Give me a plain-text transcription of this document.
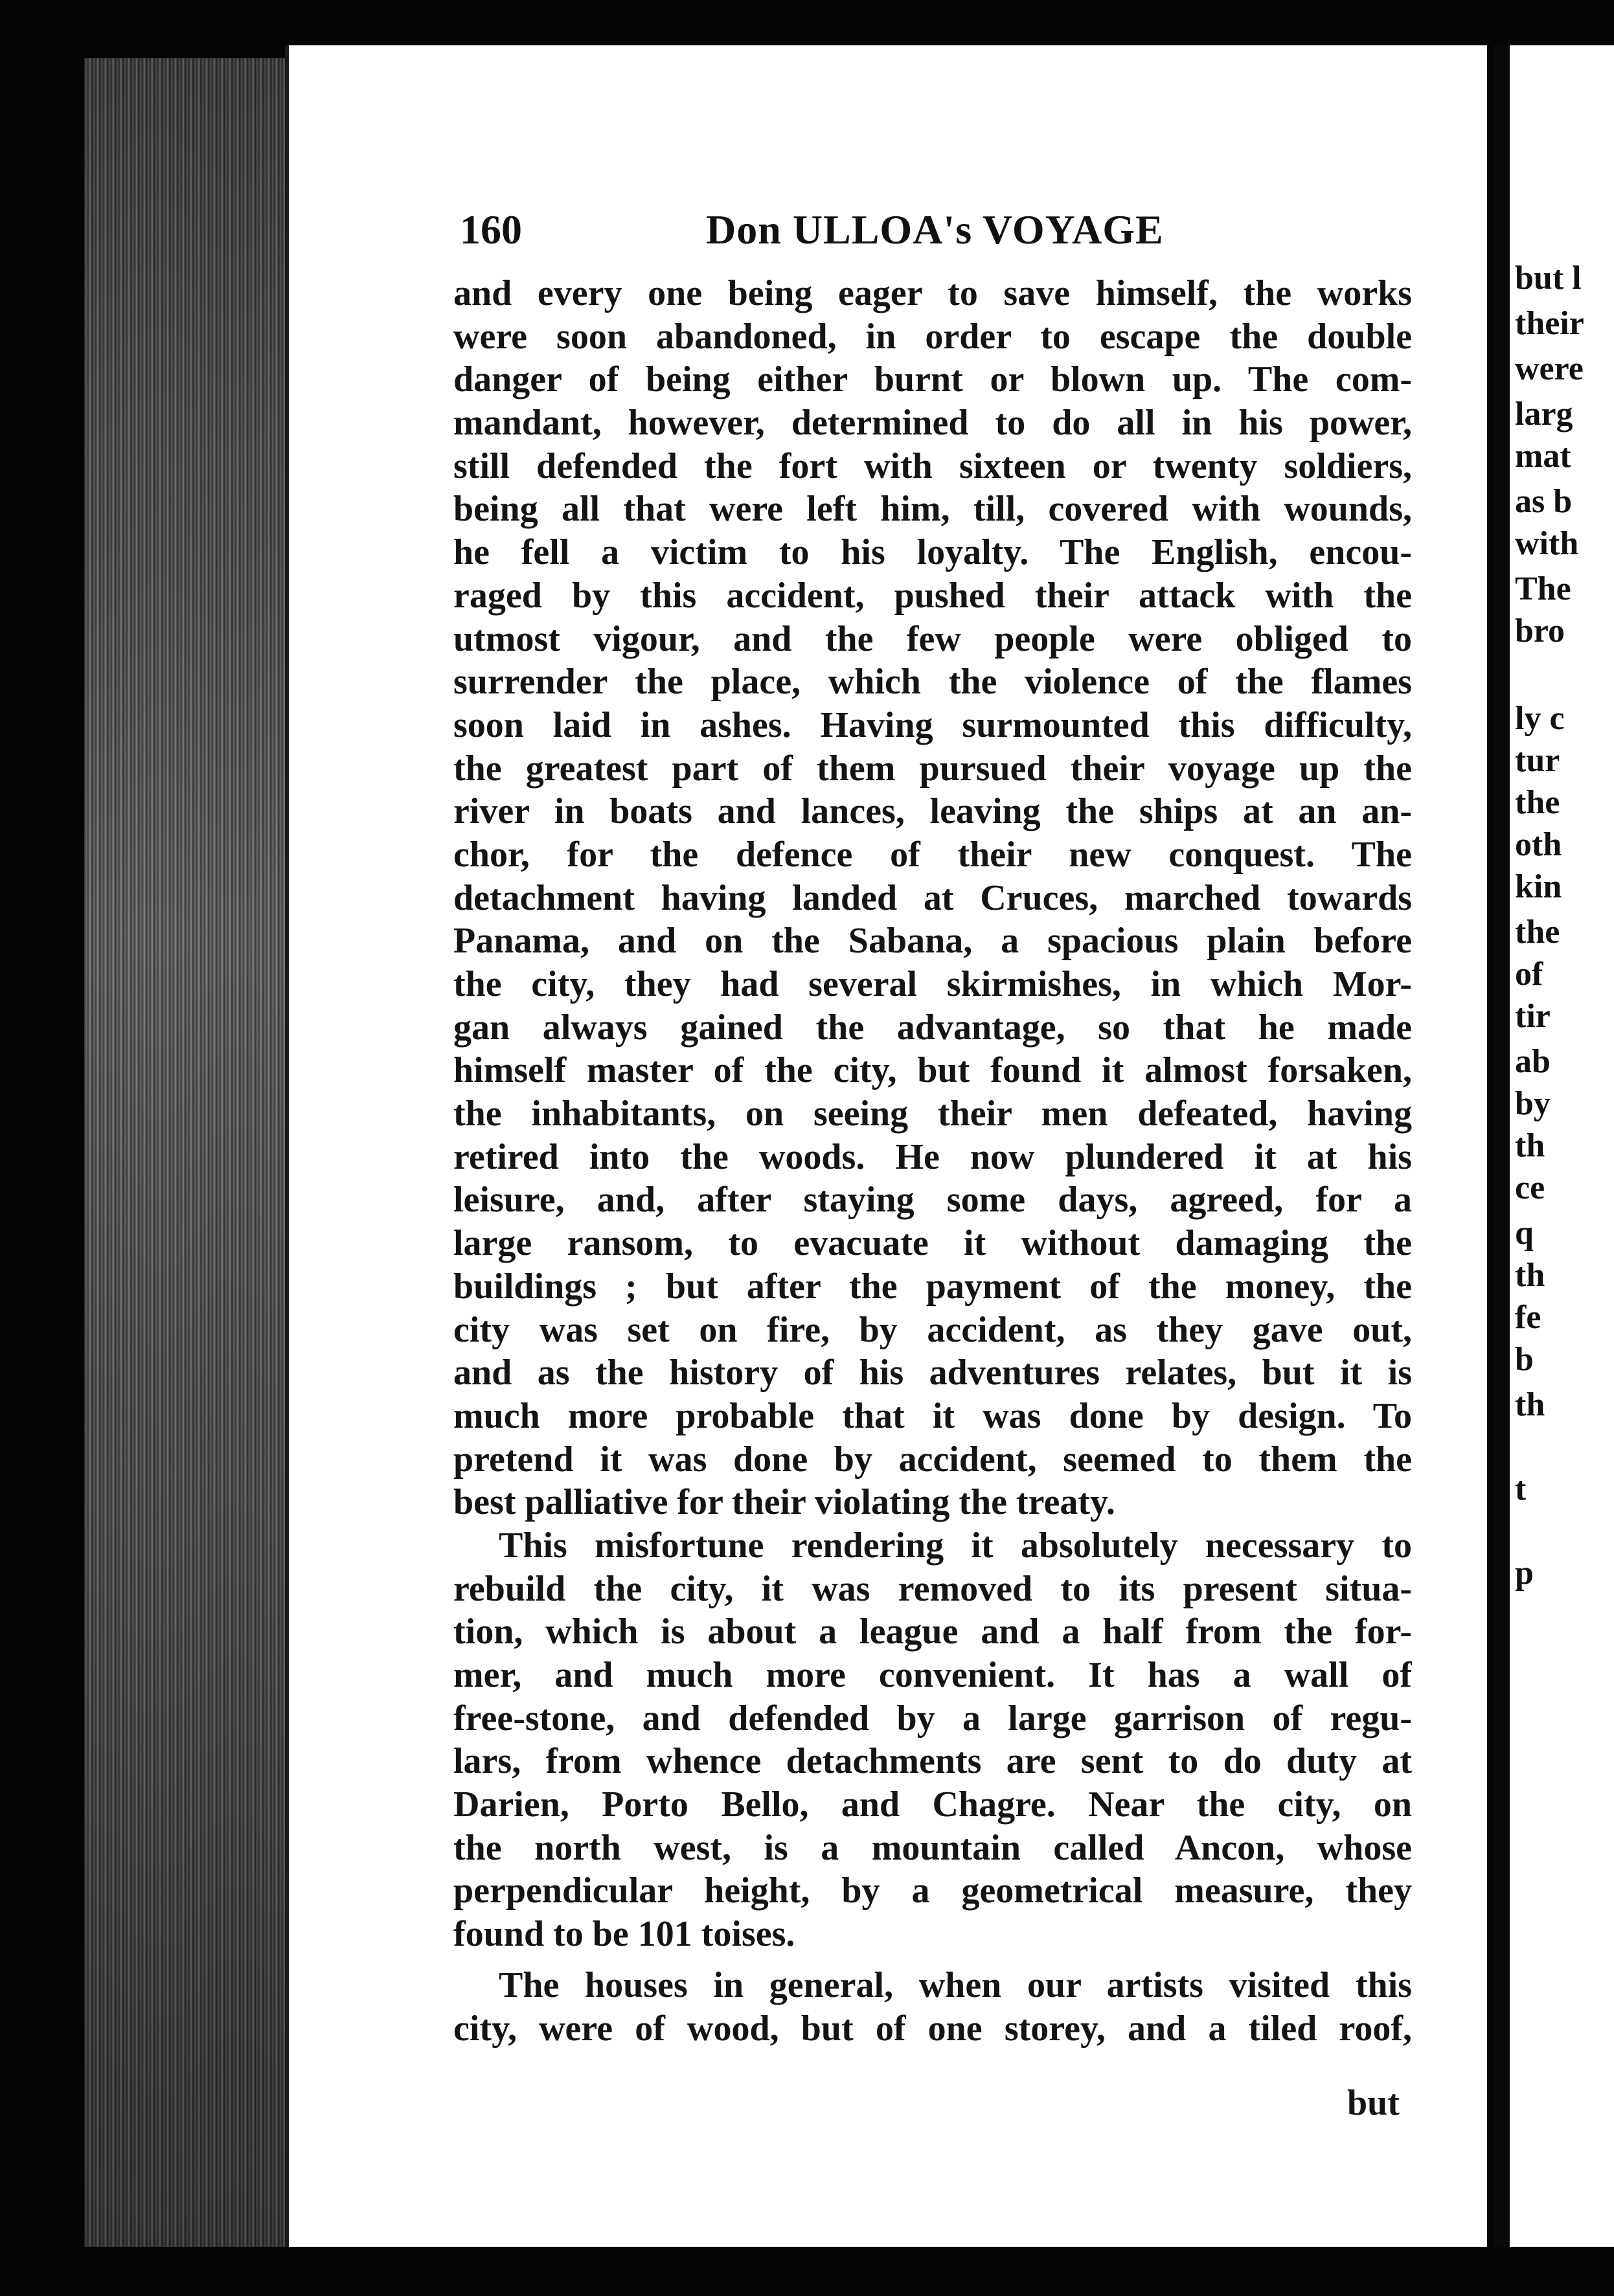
but l
their
were
larg
mat
as b
with
The
bro
ly c
tur
the
oth
kin
the
of
tir
ab
by
th
ce
q
th
fe
b
th
t
p
160	Don ULLOA's VOYAGE
and every one being eager to save himself, the works
were soon abandoned, in order to escape the double
danger of being either burnt or blown up. The com-
mandant, however, determined to do all in his power,
still defended the fort with sixteen or twenty soldiers,
being all that were left him, till, covered with wounds,
he fell a victim to his loyalty. The English, encou-
raged by this accident, pushed their attack with the
utmost vigour, and the few people were obliged to
surrender the place, which the violence of the flames
soon laid in ashes. Having surmounted this difficulty,
the greatest part of them pursued their voyage up the
river in boats and lances, leaving the ships at an an-
chor, for the defence of their new conquest. The
detachment having landed at Cruces, marched towards
Panama, and on the Sabana, a spacious plain before
the city, they had several skirmishes, in which Mor-
gan always gained the advantage, so that he made
himself master of the city, but found it almost forsaken,
the inhabitants, on seeing their men defeated, having
retired into the woods. He now plundered it at his
leisure, and, after staying some days, agreed, for a
large ransom, to evacuate it without damaging the
buildings ; but after the payment of the money, the
city was set on fire, by accident, as they gave out,
and as the history of his adventures relates, but it is
much more probable that it was done by design. To
pretend it was done by accident, seemed to them the
best palliative for their violating the treaty.
This misfortune rendering it absolutely necessary to
rebuild the city, it was removed to its present situa-
tion, which is about a league and a half from the for-
mer, and much more convenient. It has a wall of
free-stone, and defended by a large garrison of regu-
lars, from whence detachments are sent to do duty at
Darien, Porto Bello, and Chagre. Near the city, on
the north west, is a mountain called Ancon, whose
perpendicular height, by a geometrical measure, they
found to be 101 toises.
The houses in general, when our artists visited this
city, were of wood, but of one storey, and a tiled roof,
but
